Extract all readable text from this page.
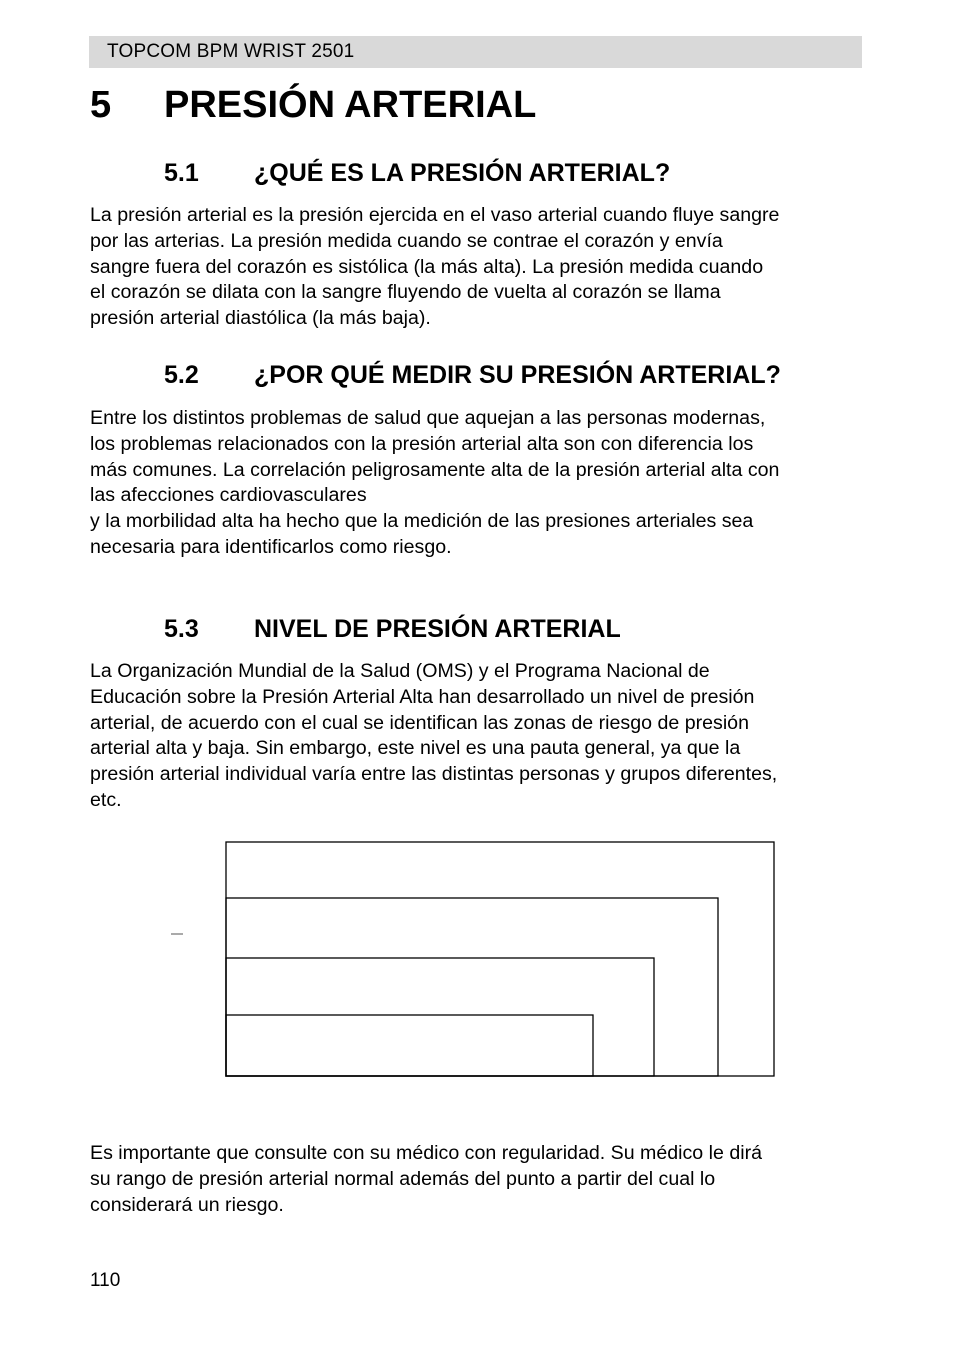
TOPCOM BPM WRIST 2501
5 PRESIÓN ARTERIAL
5.1 ¿QUÉ ES LA PRESIÓN ARTERIAL?

La presión arterial es la presión ejercida en el vaso arterial cuando fluye sangre
por las arterias. La presión medida cuando se contrae el corazón y envía
sangre fuera del corazón es sistólica (la más alta). La presión medida cuando
el corazón se dilata con la sangre fluyendo de vuelta al corazón se llama
presión arterial diastólica (la más baja).

5.2 ¿POR QUÉ MEDIR SU PRESIÓN ARTERIAL?

Entre los distintos problemas de salud que aquejan a las personas modernas,
los problemas relacionados con la presión arterial alta son con diferencia los
más comunes. La correlación peligrosamente alta de la presión arterial alta con
las afecciones cardiovasculares
y la morbilidad alta ha hecho que la medición de las presiones arteriales sea
necesaria para identificarlos como riesgo.

5.3 NIVEL DE PRESIÓN ARTERIAL

La Organización Mundial de la Salud (OMS) y el Programa Nacional de
Educación sobre la Presión Arterial Alta han desarrollado un nivel de presión
arterial, de acuerdo con el cual se identifican las zonas de riesgo de presión
arterial alta y baja. Sin embargo, este nivel es una pauta general, ya que la
presión arterial individual varía entre las distintas personas y grupos diferentes,
etc.

Es importante que consulte con su médico con regularidad. Su médico le dirá
su rango de presión arterial normal además del punto a partir del cual lo
considerará un riesgo.

110
